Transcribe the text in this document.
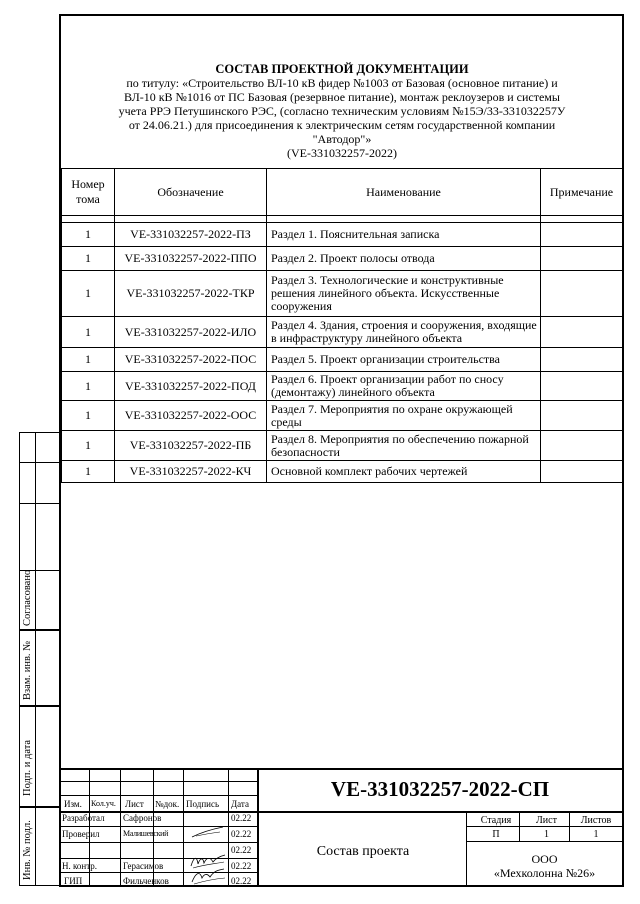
СОСТАВ ПРОЕКТНОЙ ДОКУМЕНТАЦИИ
по титулу: «Строительство ВЛ-10 кВ фидер №1003 от Базовая (основное питание) и
ВЛ-10 кВ №1016 от ПС Базовая (резервное питание), монтаж реклоузеров и системы
учета РРЭ Петушинского РЭС, (согласно техническим условиям №15Э/33-331032257У
от 24.06.21.) для присоединения к электрическим сетям государственной компании
"Автодор"»
(VE-331032257-2022)
Номер тома	Обозначение	Наименование	Примечание

1	VE-331032257-2022-ПЗ	Раздел 1. Пояснительная записка	
1	VE-331032257-2022-ППО	Раздел 2. Проект полосы отвода	
1	VE-331032257-2022-ТКР	Раздел 3. Технологические и конструктивные решения линейного объекта. Искусственные сооружения	
1	VE-331032257-2022-ИЛО	Раздел 4. Здания, строения и сооружения, входящие в инфраструктуру линейного объекта	
1	VE-331032257-2022-ПОС	Раздел 5. Проект организации строительства	
1	VE-331032257-2022-ПОД	Раздел 6. Проект организации работ по сносу (демонтажу) линейного объекта	
1	VE-331032257-2022-ООС	Раздел 7. Мероприятия по охране окружающей среды	
1	VE-331032257-2022-ПБ	Раздел 8. Мероприятия по обеспечению пожарной безопасности	
1	VE-331032257-2022-КЧ	Основной комплект рабочих чертежей	
Согласовано
Взам. инв. №
Подп. и дата
Инв. № подл.
VE-331032257-2022-СП
Изм. Кол.уч. Лист №док. Подпись Дата
Разработал Сафронов	02.22
Проверил	Малишевский	02.22
02.22
Н. контр.	Герасимов	02.22
ГИП	Фильченков	02.22
Состав проекта
Стадия	Лист	Листов
П	1	1
ООО
«Мехколонна №26»
